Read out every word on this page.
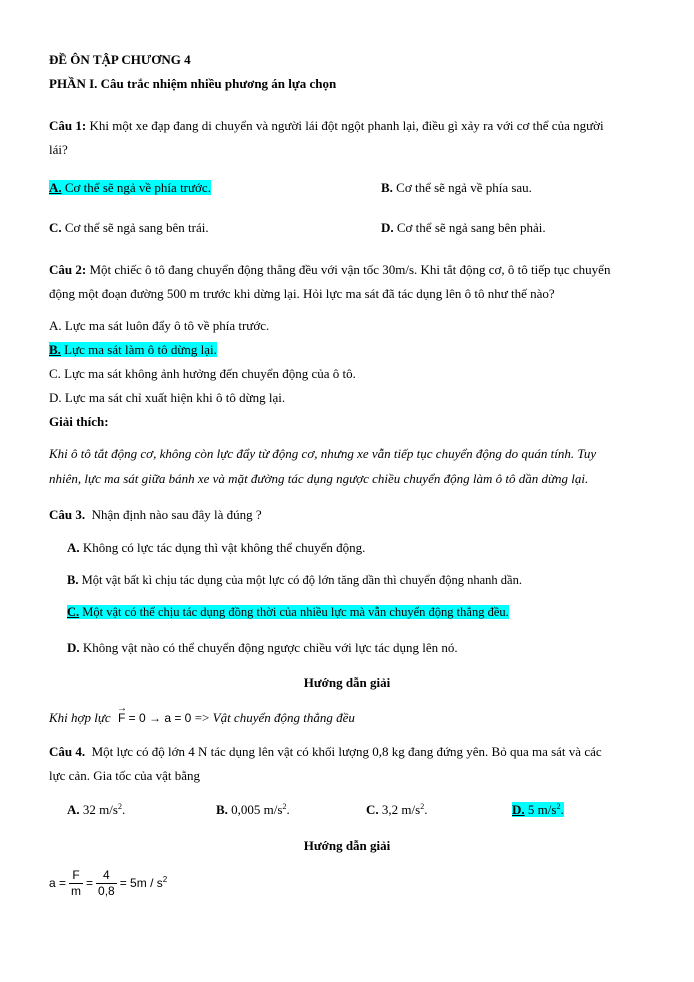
ĐỀ ÔN TẬP CHƯƠNG 4
PHẦN I. Câu trắc nhiệm nhiều phương án lựa chọn
Câu 1: Khi một xe đạp đang di chuyển và người lái đột ngột phanh lại, điều gì xảy ra với cơ thể của người
lái?
A. Cơ thể sẽ ngả về phía trước.	B. Cơ thể sẽ ngả về phía sau.
C. Cơ thể sẽ ngả sang bên trái.	D. Cơ thể sẽ ngả sang bên phải.
Câu 2: Một chiếc ô tô đang chuyển động thẳng đều với vận tốc 30m/s. Khi tắt động cơ, ô tô tiếp tục chuyển
động một đoạn đường 500 m trước khi dừng lại. Hỏi lực ma sát đã tác dụng lên ô tô như thế nào?
A. Lực ma sát luôn đẩy ô tô về phía trước.
B. Lực ma sát làm ô tô dừng lại.
C. Lực ma sát không ảnh hưởng đến chuyển động của ô tô.
D. Lực ma sát chỉ xuất hiện khi ô tô dừng lại.
Giải thích:
Khi ô tô tắt động cơ, không còn lực đẩy từ động cơ, nhưng xe vẫn tiếp tục chuyển động do quán tính. Tuy
nhiên, lực ma sát giữa bánh xe và mặt đường tác dụng ngược chiều chuyển động làm ô tô dần dừng lại.
Câu 3. Nhận định nào sau đây là đúng ?
A. Không có lực tác dụng thì vật không thể chuyển động.
B. Một vật bất kì chịu tác dụng của một lực có độ lớn tăng dần thì chuyển động nhanh dần.
C. Một vật có thể chịu tác dụng đồng thời của nhiều lực mà vẫn chuyển động thẳng đều.
D. Không vật nào có thể chuyển động ngược chiều với lực tác dụng lên nó.
Hướng dẫn giải
Khi hợp lực → F = 0 → a = 0 => Vật chuyển động thẳng đều
Câu 4. Một lực có độ lớn 4 N tác dụng lên vật có khối lượng 0,8 kg đang đứng yên. Bỏ qua ma sát và các
lực cản. Gia tốc của vật bằng
A. 32 $m/s^2$.	B. 0,005 $m/s^2$.	C. 3,2 $m/s^2$.	D. 5 $m/s^2$.
Hướng dẫn giải
$a = \frac{F}{m} = \frac{4}{0,8} = 5m / s^2$
